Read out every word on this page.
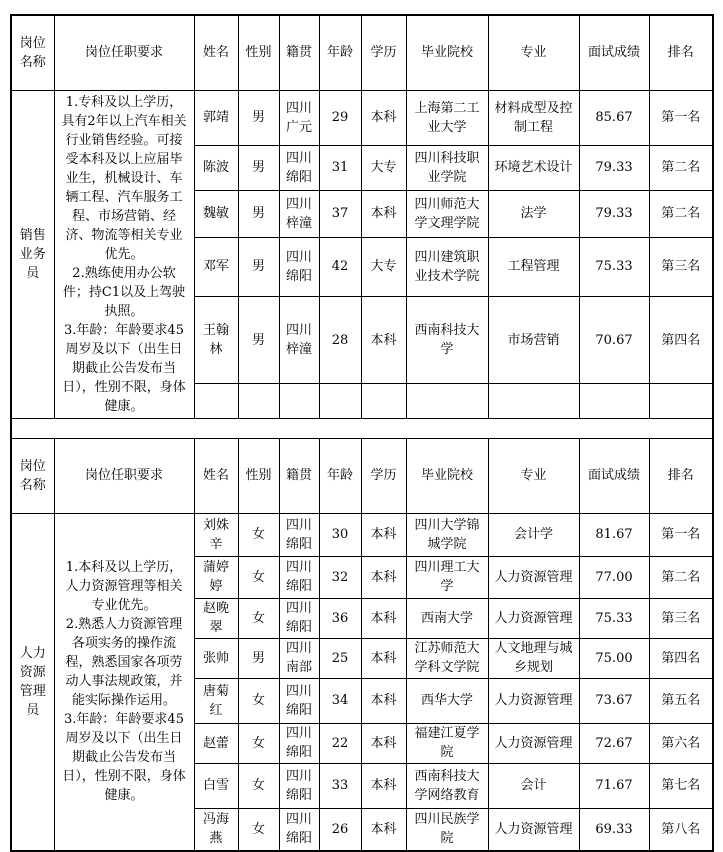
岗位名称	岗位任职要求	姓名	性别	籍贯	年龄	学历	毕业院校	专业	面试成绩	排名
销售业务员	1.专科及以上学历，具有2年以上汽车相关行业销售经验。可接受本科及以上应届毕业生，机械设计、车辆工程、汽车服务工程、市场营销、经济、物流等相关专业优先。

2.熟练使用办公软件；持C1以及上驾驶执照。

3.年龄：年龄要求45周岁及以下（出生日期截止公告发布当日），性别不限，身体健康。	郭靖	男	四川广元	29	本科	上海第二工业大学	材料成型及控制工程	85.67	第一名
		陈波	男	四川绵阳	31	大专	四川科技职业学院	环境艺术设计	79.33	第二名
		魏敏	男	四川梓潼	37	本科	四川师范大学文理学院	法学	79.33	第二名
		邓军	男	四川绵阳	42	大专	四川建筑职业技术学院	工程管理	75.33	第三名
		王翰林	男	四川梓潼	28	本科	西南科技大学	市场营销	70.67	第四名

岗位名称	岗位任职要求	姓名	性别	籍贯	年龄	学历	毕业院校	专业	面试成绩	排名
人力资源管理员	1.本科及以上学历，人力资源管理等相关专业优先。

2.熟悉人力资源管理各项实务的操作流程，熟悉国家各项劳动人事法规政策，并能实际操作运用。

3.年龄：年龄要求45周岁及以下（出生日期截止公告发布当日），性别不限，身体健康。	刘姝辛	女	四川绵阳	30	本科	四川大学锦城学院	会计学	81.67	第一名
		蒲婷婷	女	四川绵阳	32	本科	四川理工大学	人力资源管理	77.00	第二名
		赵晚翠	女	四川绵阳	36	本科	西南大学	人力资源管理	75.33	第三名
		张帅	男	四川南部	25	本科	江苏师范大学科文学院	人文地理与城乡规划	75.00	第四名
		唐菊红	女	四川绵阳	34	本科	西华大学	人力资源管理	73.67	第五名
		赵蕾	女	四川绵阳	22	本科	福建江夏学院	人力资源管理	72.67	第六名
		白雪	女	四川绵阳	33	本科	西南科技大学网络教育	会计	71.67	第七名
		冯海燕	女	四川绵阳	26	本科	四川民族学院	人力资源管理	69.33	第八名
